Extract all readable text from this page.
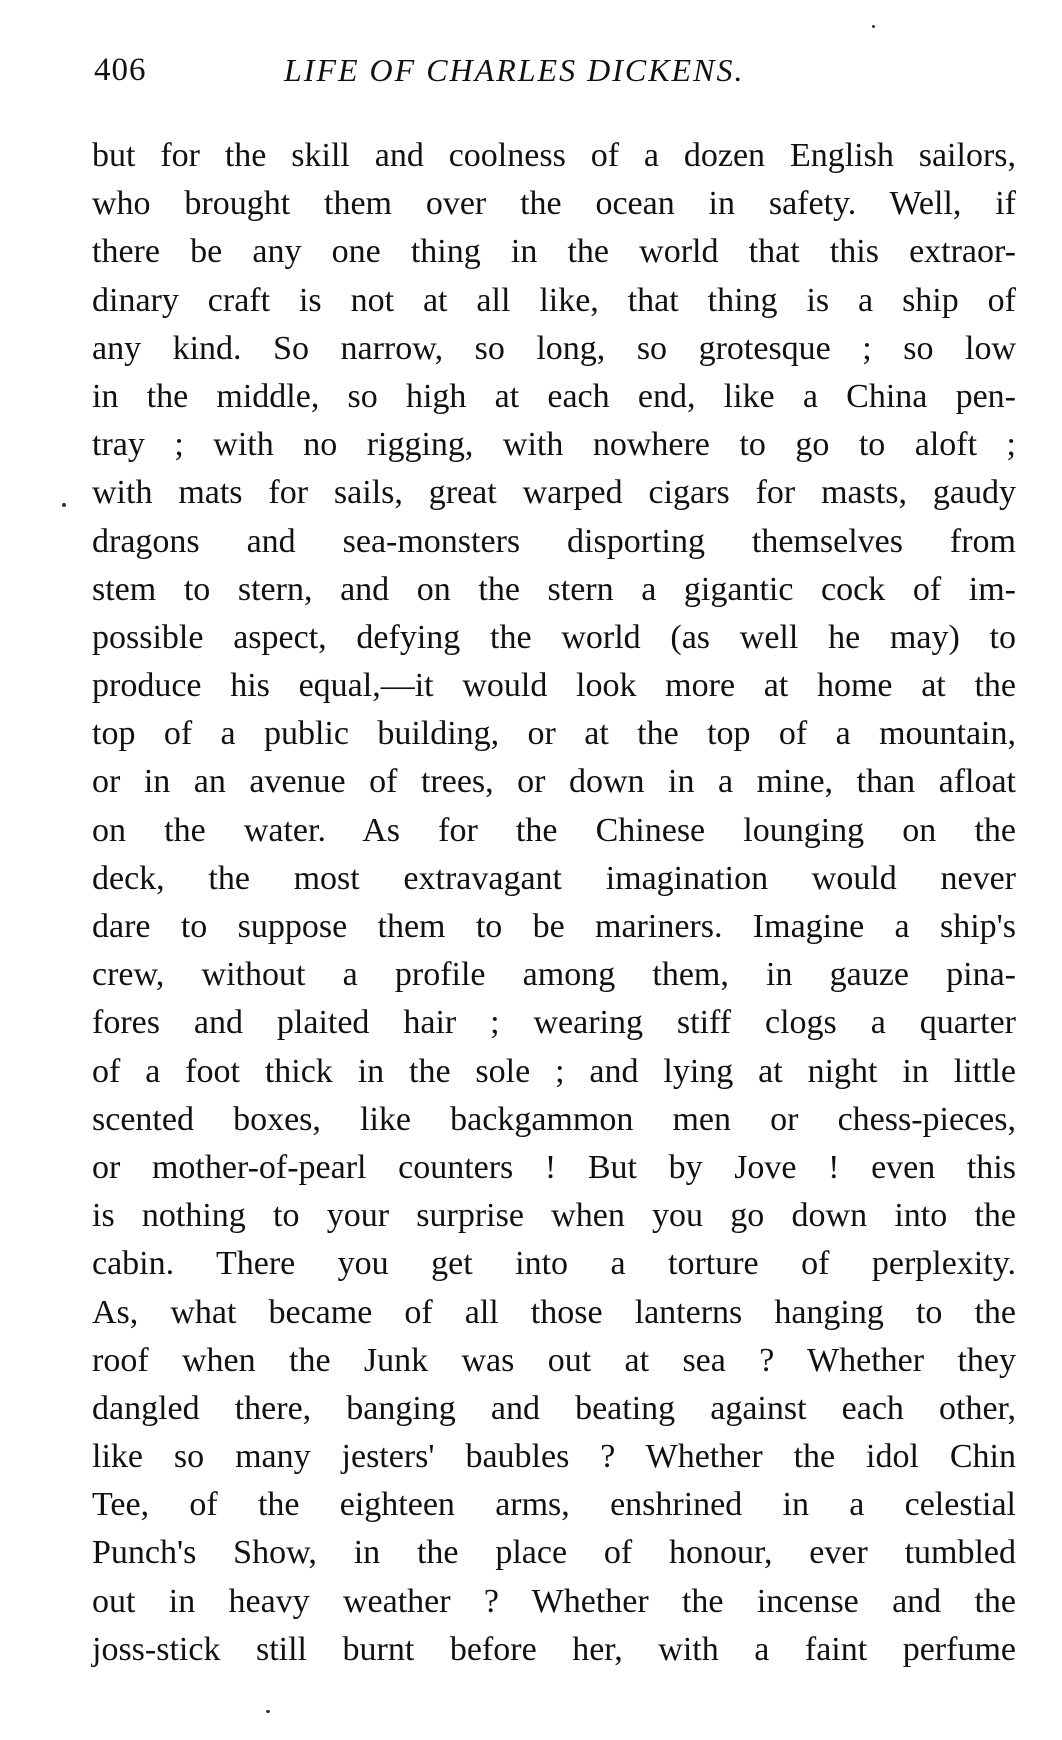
406	LIFE OF CHARLES DICKENS.
but for the skill and coolness of a dozen English sailors,
who brought them over the ocean in safety. Well, if
there be any one thing in the world that this extraor-
dinary craft is not at all like, that thing is a ship of
any kind. So narrow, so long, so grotesque ; so low
in the middle, so high at each end, like a China pen-
tray ; with no rigging, with nowhere to go to aloft ;
with mats for sails, great warped cigars for masts, gaudy
dragons and sea-monsters disporting themselves from
stem to stern, and on the stern a gigantic cock of im-
possible aspect, defying the world (as well he may) to
produce his equal,—it would look more at home at the
top of a public building, or at the top of a mountain,
or in an avenue of trees, or down in a mine, than afloat
on the water. As for the Chinese lounging on the
deck, the most extravagant imagination would never
dare to suppose them to be mariners. Imagine a ship's
crew, without a profile among them, in gauze pina-
fores and plaited hair ; wearing stiff clogs a quarter
of a foot thick in the sole ; and lying at night in little
scented boxes, like backgammon men or chess-pieces,
or mother-of-pearl counters ! But by Jove ! even this
is nothing to your surprise when you go down into the
cabin. There you get into a torture of perplexity.
As, what became of all those lanterns hanging to the
roof when the Junk was out at sea ? Whether they
dangled there, banging and beating against each other,
like so many jesters' baubles ? Whether the idol Chin
Tee, of the eighteen arms, enshrined in a celestial
Punch's Show, in the place of honour, ever tumbled
out in heavy weather ? Whether the incense and the
joss-stick still burnt before her, with a faint perfume
